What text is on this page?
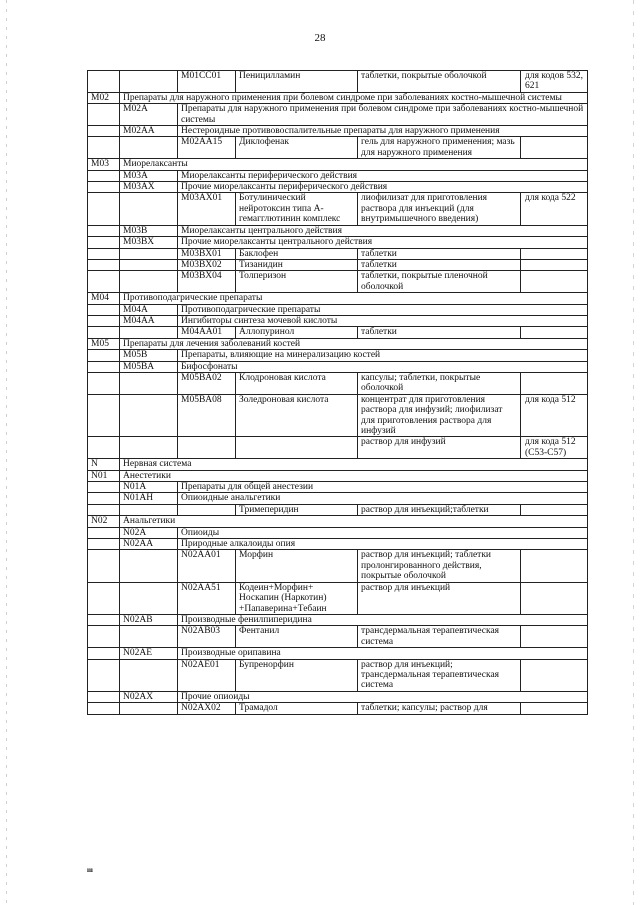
28
		M01CC01	Пеницилламин	таблетки, покрытые оболочкой	для кодов 532, 621
M02	Препараты для наружного применения при болевом синдроме при заболеваниях костно-мышечной системы				
	M02A	Препараты для наружного применения при болевом синдроме при заболеваниях костно-мышечной системы			
	M02AA	Нестероидные противовоспалительные препараты для наружного применения			
		M02AA15	Диклофенак	гель для наружного применения; мазь для наружного применения	
M03	Миорелаксанты				
	M03A	Миорелаксанты периферического действия			
	M03AX	Прочие миорелаксанты периферического действия			
		M03AX01	Ботулинический нейротоксин типа А-гемагглютинин комплекс	лиофилизат для приготовления раствора для инъекций (для внутримышечного введения)	для кода 522
	M03B	Миорелаксанты центрального действия			
	M03BX	Прочие миорелаксанты центрального действия			
		M03BX01	Баклофен	таблетки	
		M03BX02	Тизанидин	таблетки	
		M03BX04	Толперизон	таблетки, покрытые пленочной оболочкой	
M04	Противоподагрические препараты				
	M04A	Противоподагрические препараты			
	M04AA	Ингибиторы синтеза мочевой кислоты			
		M04AA01	Аллопуринол	таблетки	
M05	Препараты для лечения заболеваний костей				
	M05B	Препараты, влияющие на минерализацию костей			
	M05BA	Бифосфонаты			
		M05BA02	Клодроновая кислота	капсулы; таблетки, покрытые оболочкой	
		M05BA08	Золедроновая кислота	концентрат для приготовления раствора для инфузий; лиофилизат для приготовления раствора для инфузий	для кода 512
				раствор для инфузий	для кода 512 (С53-С57)
N	Нервная система				
N01	Анестетики				
	N01A	Препараты для общей анестезии			
	N01AH	Опиоидные анальгетики			
			Тримеперидин	раствор для инъекций;таблетки	
N02	Анальгетики				
	N02A	Опиоиды			
	N02AA	Природные алкалоиды опия			
		N02AA01	Морфин	раствор для инъекций; таблетки пролонгированного действия, покрытые оболочкой	
		N02AA51	Кодеин+Морфин+ Носкапин (Наркотин) +Папаверина+Тебаин	раствор для инъекций	
	N02AB	Производные фенилпиперидина			
		N02AB03	Фентанил	трансдермальная терапевтическая система	
	N02AE	Производные орипавина			
		N02AE01	Бупренорфин	раствор для инъекций; трансдермальная терапевтическая система	
	N02AX	Прочие опиоиды			
		N02AX02	Трамадол	таблетки; капсулы; раствор для	
ııı
